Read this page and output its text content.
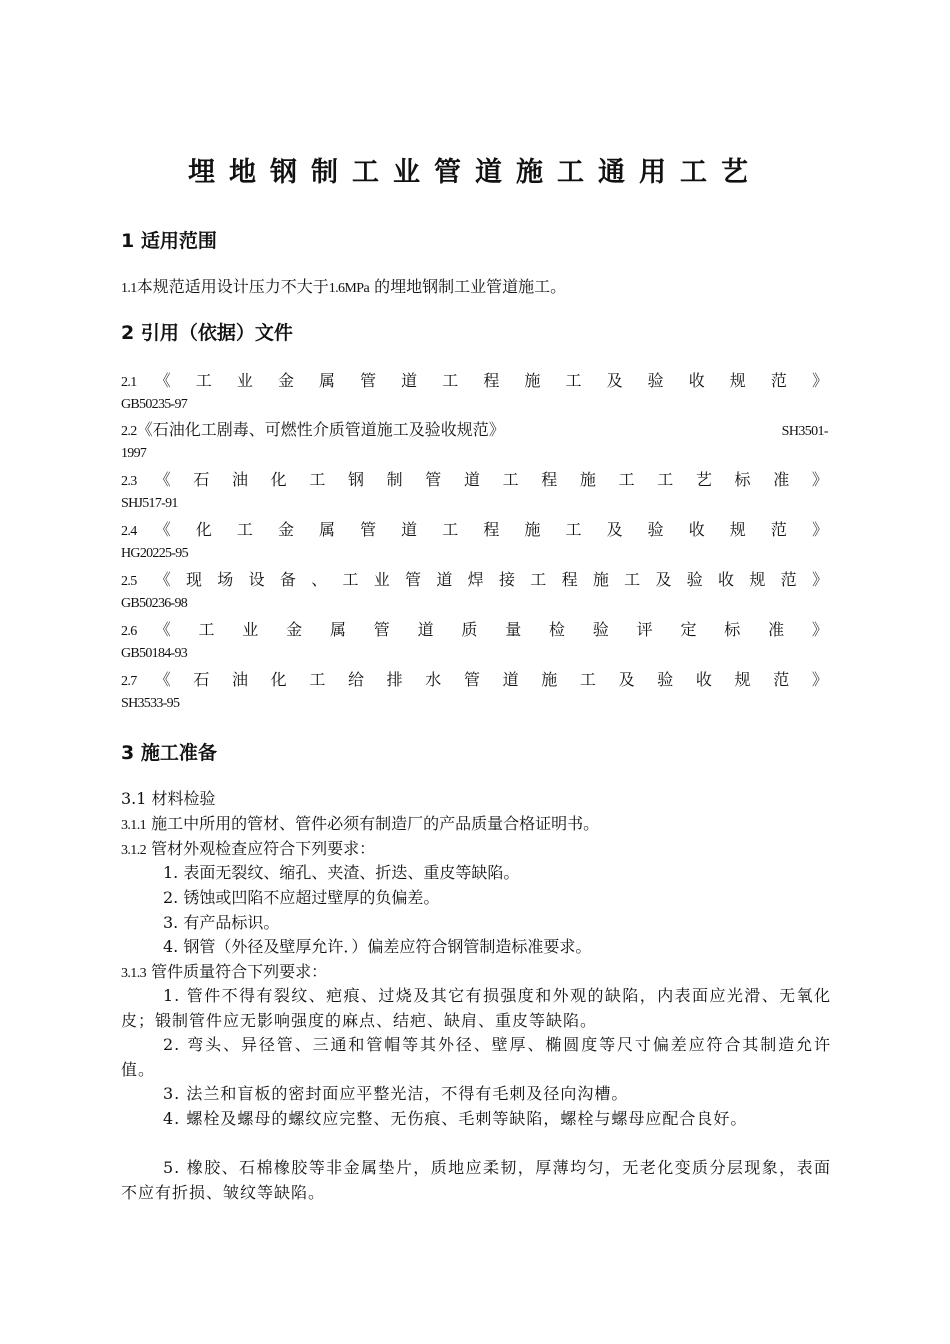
埋地钢制工业管道施工通用工艺
1 适用范围
1.1本规范适用设计压力不大于1.6MPa 的埋地钢制工业管道施工。
2 引用（依据）文件
2.1 《 工 业 金 属 管 道 工 程 施 工 及 验 收 规 范 》
GB50235-97
2.2 《石油化工剧毒、可燃性介质管道施工及验收规范》	SH3501-
1997
2.3 《 石 油 化 工 钢 制 管 道 工 程 施 工 工 艺 标 准 》
SHJ517-91
2.4 《 化 工 金 属 管 道 工 程 施 工 及 验 收 规 范 》
HG20225-95
2.5 《 现 场 设 备 、 工 业 管 道 焊 接 工 程 施 工 及 验 收 规 范 》
GB50236-98
2.6 《 工 业 金 属 管 道 质 量 检 验 评 定 标 准 》
GB50184-93
2.7 《 石 油 化 工 给 排 水 管 道 施 工 及 验 收 规 范 》
SH3533-95
3 施工准备
3.1 材料检验
3.1.1 施工中所用的管材、管件必须有制造厂的产品质量合格证明书。
3.1.2 管材外观检查应符合下列要求：
1. 表面无裂纹、缩孔、夹渣、折迭、重皮等缺陷。
2. 锈蚀或凹陷不应超过壁厚的负偏差。
3. 有产品标识。
4. 钢管（外径及壁厚允许．）偏差应符合钢管制造标准要求。
3.1.3 管件质量符合下列要求：
1. 管件不得有裂纹、疤痕、过烧及其它有损强度和外观的缺陷，内表面应光滑、无氧化皮；锻制管件应无影响强度的麻点、结疤、缺肩、重皮等缺陷。
2. 弯头、异径管、三通和管帽等其外径、壁厚、椭圆度等尺寸偏差应符合其制造允许值。
3. 法兰和盲板的密封面应平整光洁，不得有毛刺及径向沟槽。
4. 螺栓及螺母的螺纹应完整、无伤痕、毛刺等缺陷，螺栓与螺母应配合良好。
5. 橡胶、石棉橡胶等非金属垫片，质地应柔韧，厚薄均匀，无老化变质分层现象，表面不应有折损、皱纹等缺陷。
